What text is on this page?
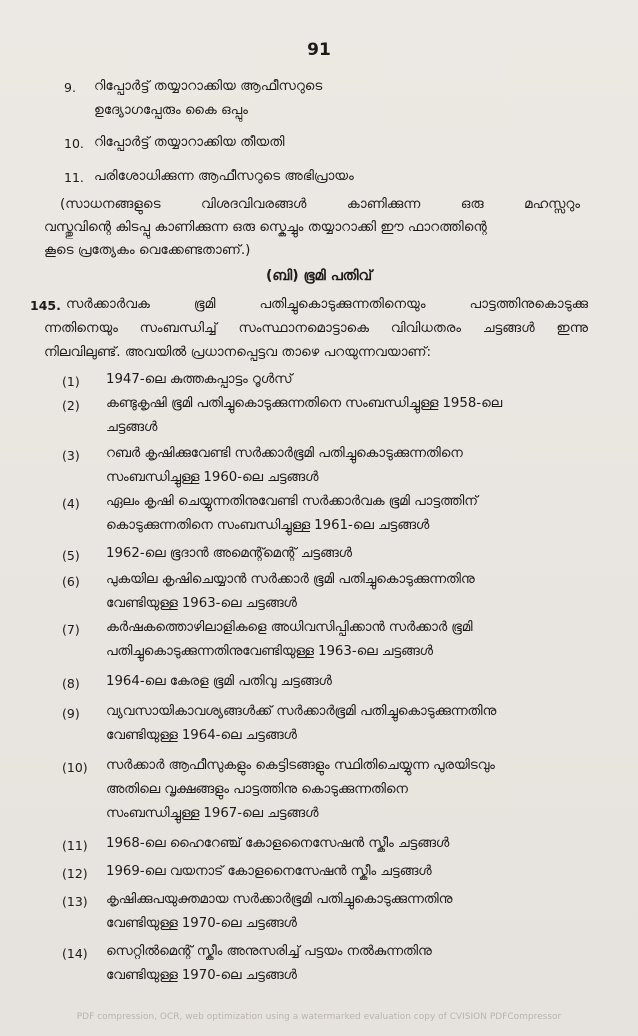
91
9. റിപ്പോർട്ട് തയ്യാറാക്കിയ ആഫീസറുടെ
ഉദ്യോഗപ്പേരും കൈ ഒപ്പും
10. റിപ്പോർട്ട് തയ്യാറാക്കിയ തീയതി
11. പരിശോധിക്കുന്ന ആഫീസറുടെ അഭിപ്രായം
(സാധനങ്ങളുടെ വിശദവിവരങ്ങൾ കാണിക്കുന്ന ഒരു മഹസ്സറും
വസ്തുവിന്റെ കിടപ്പു കാണിക്കുന്ന ഒരു സ്കെച്ചും തയ്യാറാക്കി ഈ ഫാറത്തിന്റെ
കൂടെ പ്രത്യേകം വെക്കേണ്ടതാണ്.)
(ബി) ഭൂമി പതിവ്
145. സർക്കാർവക ഭൂമി പതിച്ചുകൊടുക്കുന്നതിനെയും പാട്ടത്തിനുകൊടുക്കു
ന്നതിനെയും സംബന്ധിച്ച് സംസ്ഥാനമൊട്ടാകെ വിവിധതരം ചട്ടങ്ങൾ ഇന്നു
നിലവിലുണ്ട്. അവയിൽ പ്രധാനപ്പെട്ടവ താഴെ പറയുന്നവയാണ്:
(1) 1947-ലെ കുത്തകപ്പാട്ടം റൂൾസ്
(2) കണ്ടുകൃഷി ഭൂമി പതിച്ചുകൊടുക്കുന്നതിനെ സംബന്ധിച്ചുള്ള 1958-ലെ
ചട്ടങ്ങൾ
(3) റബർ കൃഷിക്കുവേണ്ടി സർക്കാർഭൂമി പതിച്ചുകൊടുക്കുന്നതിനെ
സംബന്ധിച്ചുള്ള 1960-ലെ ചട്ടങ്ങൾ
(4) ഏലം കൃഷി ചെയ്യുന്നതിനുവേണ്ടി സർക്കാർവക ഭൂമി പാട്ടത്തിന്
കൊടുക്കുന്നതിനെ സംബന്ധിച്ചുള്ള 1961-ലെ ചട്ടങ്ങൾ
(5) 1962-ലെ ഭൂദാൻ അമെന്റ്മെന്റ് ചട്ടങ്ങൾ
(6) പുകയില കൃഷിചെയ്യാൻ സർക്കാർ ഭൂമി പതിച്ചുകൊടുക്കുന്നതിനു
വേണ്ടിയുള്ള 1963-ലെ ചട്ടങ്ങൾ
(7) കർഷകത്തൊഴിലാളികളെ അധിവസിപ്പിക്കാൻ സർക്കാർ ഭൂമി
പതിച്ചുകൊടുക്കുന്നതിനുവേണ്ടിയുള്ള 1963-ലെ ചട്ടങ്ങൾ
(8) 1964-ലെ കേരള ഭൂമി പതിവു ചട്ടങ്ങൾ
(9) വ്യവസായികാവശ്യങ്ങൾക്ക് സർക്കാർഭൂമി പതിച്ചുകൊടുക്കുന്നതിനു
വേണ്ടിയുള്ള 1964-ലെ ചട്ടങ്ങൾ
(10) സർക്കാർ ആഫീസുകളും കെട്ടിടങ്ങളും സ്ഥിതിചെയ്യുന്ന പുരയിടവും
അതിലെ വൃക്ഷങ്ങളും പാട്ടത്തിനു കൊടുക്കുന്നതിനെ
സംബന്ധിച്ചുള്ള 1967-ലെ ചട്ടങ്ങൾ
(11) 1968-ലെ ഹൈറേഞ്ച് കോളനൈസേഷൻ സ്കീം ചട്ടങ്ങൾ
(12) 1969-ലെ വയനാട് കോളനൈസേഷൻ സ്കീം ചട്ടങ്ങൾ
(13) കൃഷിക്കുപയുക്തമായ സർക്കാർഭൂമി പതിച്ചുകൊടുക്കുന്നതിനു
വേണ്ടിയുള്ള 1970-ലെ ചട്ടങ്ങൾ
(14) സെറ്റിൽമെന്റ് സ്കീം അനുസരിച്ച് പട്ടയം നൽകുന്നതിനു
വേണ്ടിയുള്ള 1970-ലെ ചട്ടങ്ങൾ
PDF compression, OCR, web optimization using a watermarked evaluation copy of CVISION PDFCompressor
